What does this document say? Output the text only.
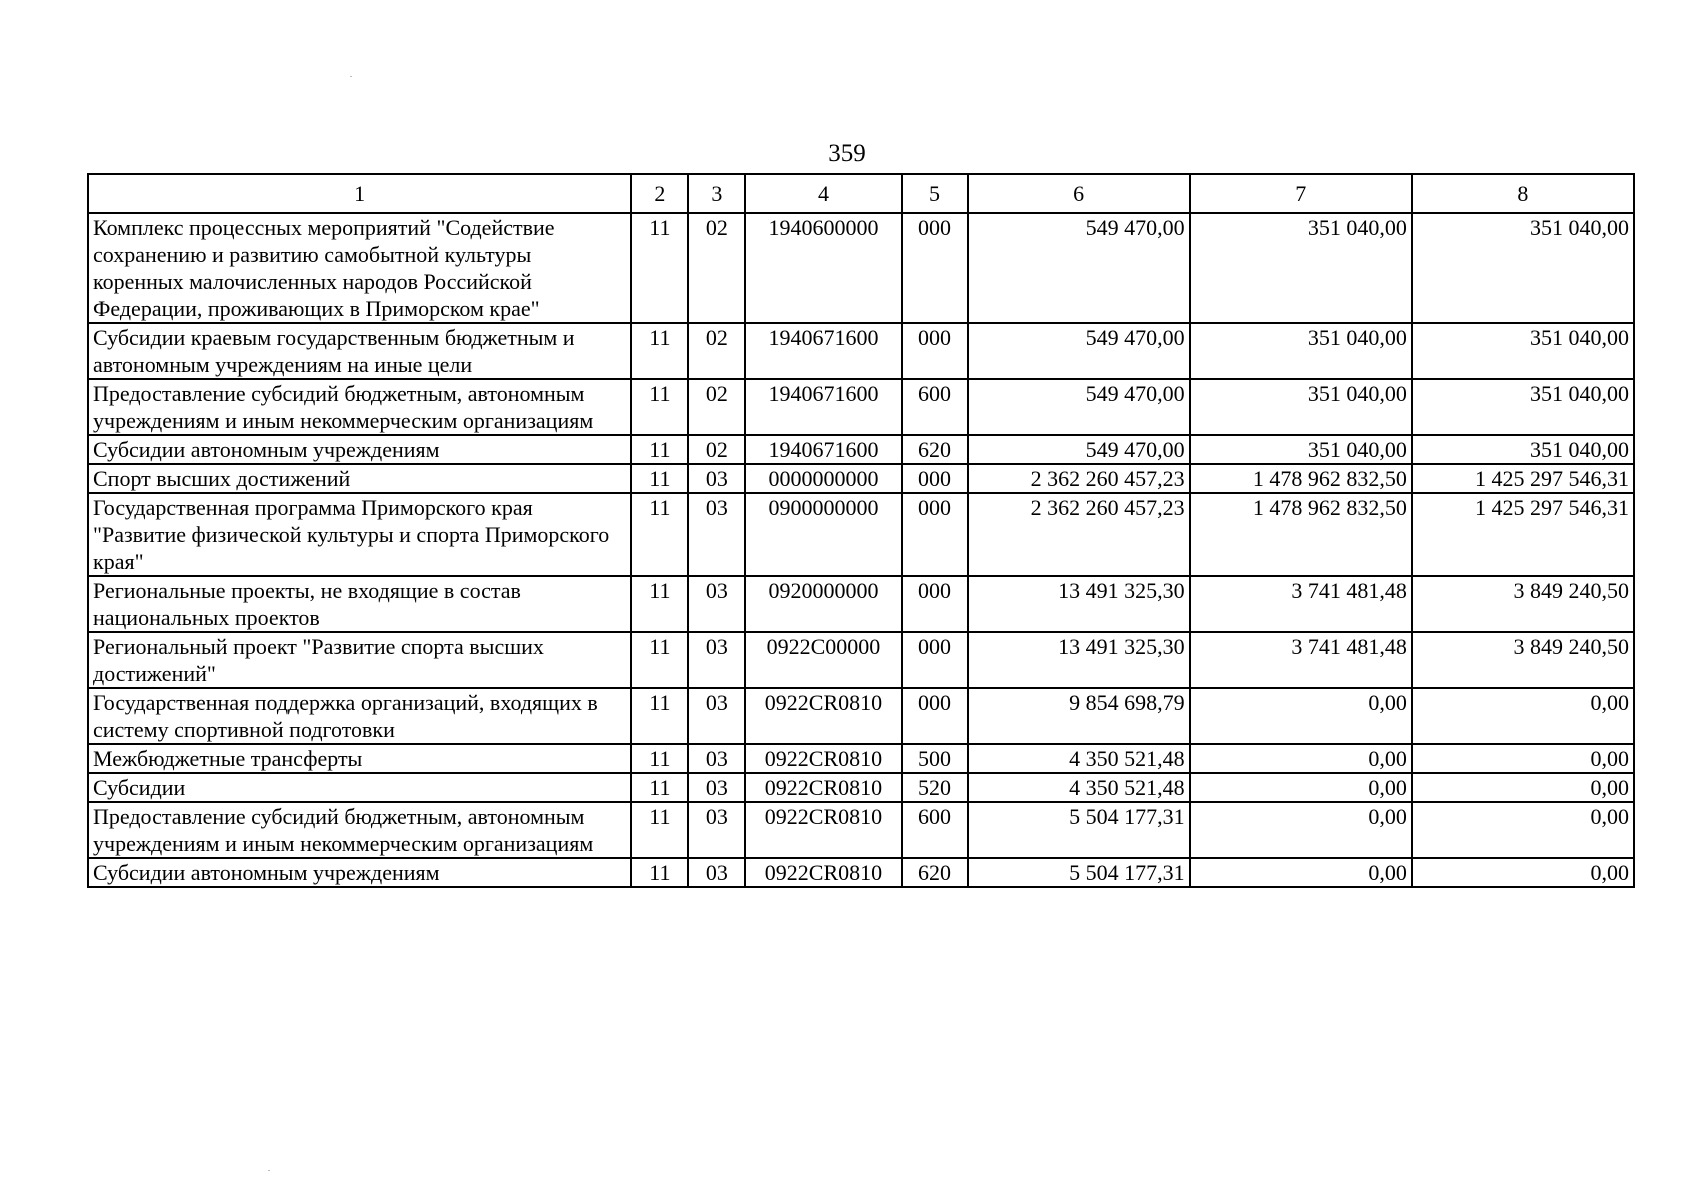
359
1	2	3	4	5	6	7	8
Комплекс процессных мероприятий "Содействие сохранению и развитию самобытной культуры коренных малочисленных народов Российской Федерации, проживающих в Приморском крае"	11	02	1940600000	000	549 470,00	351 040,00	351 040,00
Субсидии краевым государственным бюджетным и автономным учреждениям на иные цели	11	02	1940671600	000	549 470,00	351 040,00	351 040,00
Предоставление субсидий бюджетным, автономным учреждениям и иным некоммерческим организациям	11	02	1940671600	600	549 470,00	351 040,00	351 040,00
Субсидии автономным учреждениям	11	02	1940671600	620	549 470,00	351 040,00	351 040,00
Спорт высших достижений	11	03	0000000000	000	2 362 260 457,23	1 478 962 832,50	1 425 297 546,31
Государственная программа Приморского края "Развитие физической культуры и спорта Приморского края"	11	03	0900000000	000	2 362 260 457,23	1 478 962 832,50	1 425 297 546,31
Региональные проекты, не входящие в состав национальных проектов	11	03	0920000000	000	13 491 325,30	3 741 481,48	3 849 240,50
Региональный проект "Развитие спорта высших достижений"	11	03	0922C00000	000	13 491 325,30	3 741 481,48	3 849 240,50
Государственная поддержка организаций, входящих в систему спортивной подготовки	11	03	0922CR0810	000	9 854 698,79	0,00	0,00
Межбюджетные трансферты	11	03	0922CR0810	500	4 350 521,48	0,00	0,00
Субсидии	11	03	0922CR0810	520	4 350 521,48	0,00	0,00
Предоставление субсидий бюджетным, автономным учреждениям и иным некоммерческим организациям	11	03	0922CR0810	600	5 504 177,31	0,00	0,00
Субсидии автономным учреждениям	11	03	0922CR0810	620	5 504 177,31	0,00	0,00
